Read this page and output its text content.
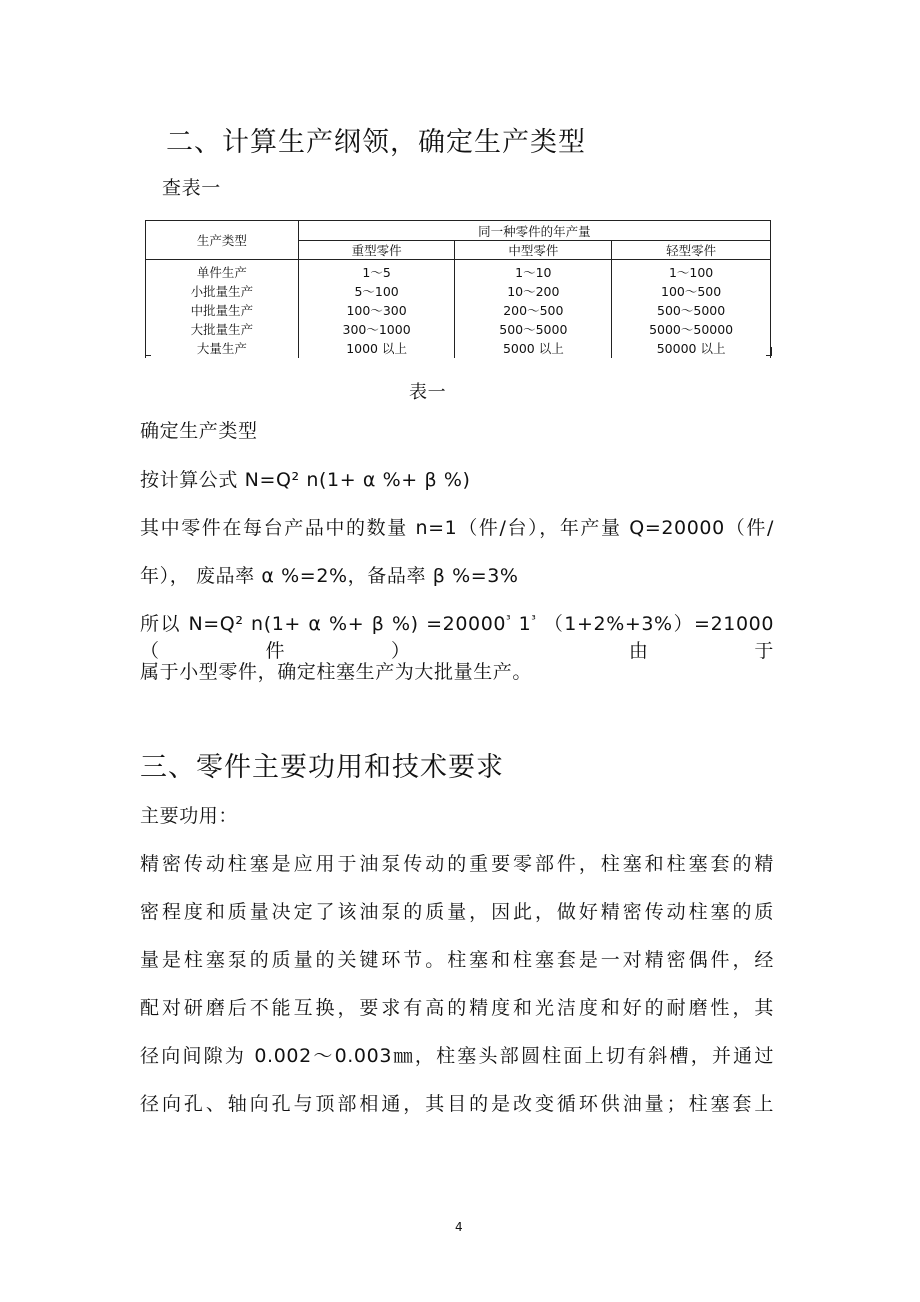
二、计算生产纲领，确定生产类型
查表一
生产类型	同一种零件的年产量		
	重型零件	中型零件	轻型零件
单件生产	1～5	1～10	1～100
小批量生产	5～100	10～200	100～500
中批量生产	100～300	200～500	500～5000
大批量生产	300～1000	500～5000	5000～50000
大量生产	1000 以上	5000 以上	50000 以上
表一
确定生产类型
按计算公式 N=Q² n(1+ α %+ β %)
其中零件在每台产品中的数量 n=1（件/台），年产量 Q=20000（件/
年）， 废品率 α %=2%，备品率 β %=3%
所以 N=Q² n(1+ α %+ β %) $=20000^{^3}$ $1^{^3}$ （1+2%+3%）=21000（件） 由于
属于小型零件，确定柱塞生产为大批量生产。
三、零件主要功用和技术要求
主要功用：
精密传动柱塞是应用于油泵传动的重要零部件，柱塞和柱塞套的精
密程度和质量决定了该油泵的质量，因此，做好精密传动柱塞的质
量是柱塞泵的质量的关键环节。柱塞和柱塞套是一对精密偶件，经
配对研磨后不能互换，要求有高的精度和光洁度和好的耐磨性，其
径向间隙为 0.002～0.003㎜，柱塞头部圆柱面上切有斜槽，并通过
径向孔、轴向孔与顶部相通，其目的是改变循环供油量；柱塞套上
4
